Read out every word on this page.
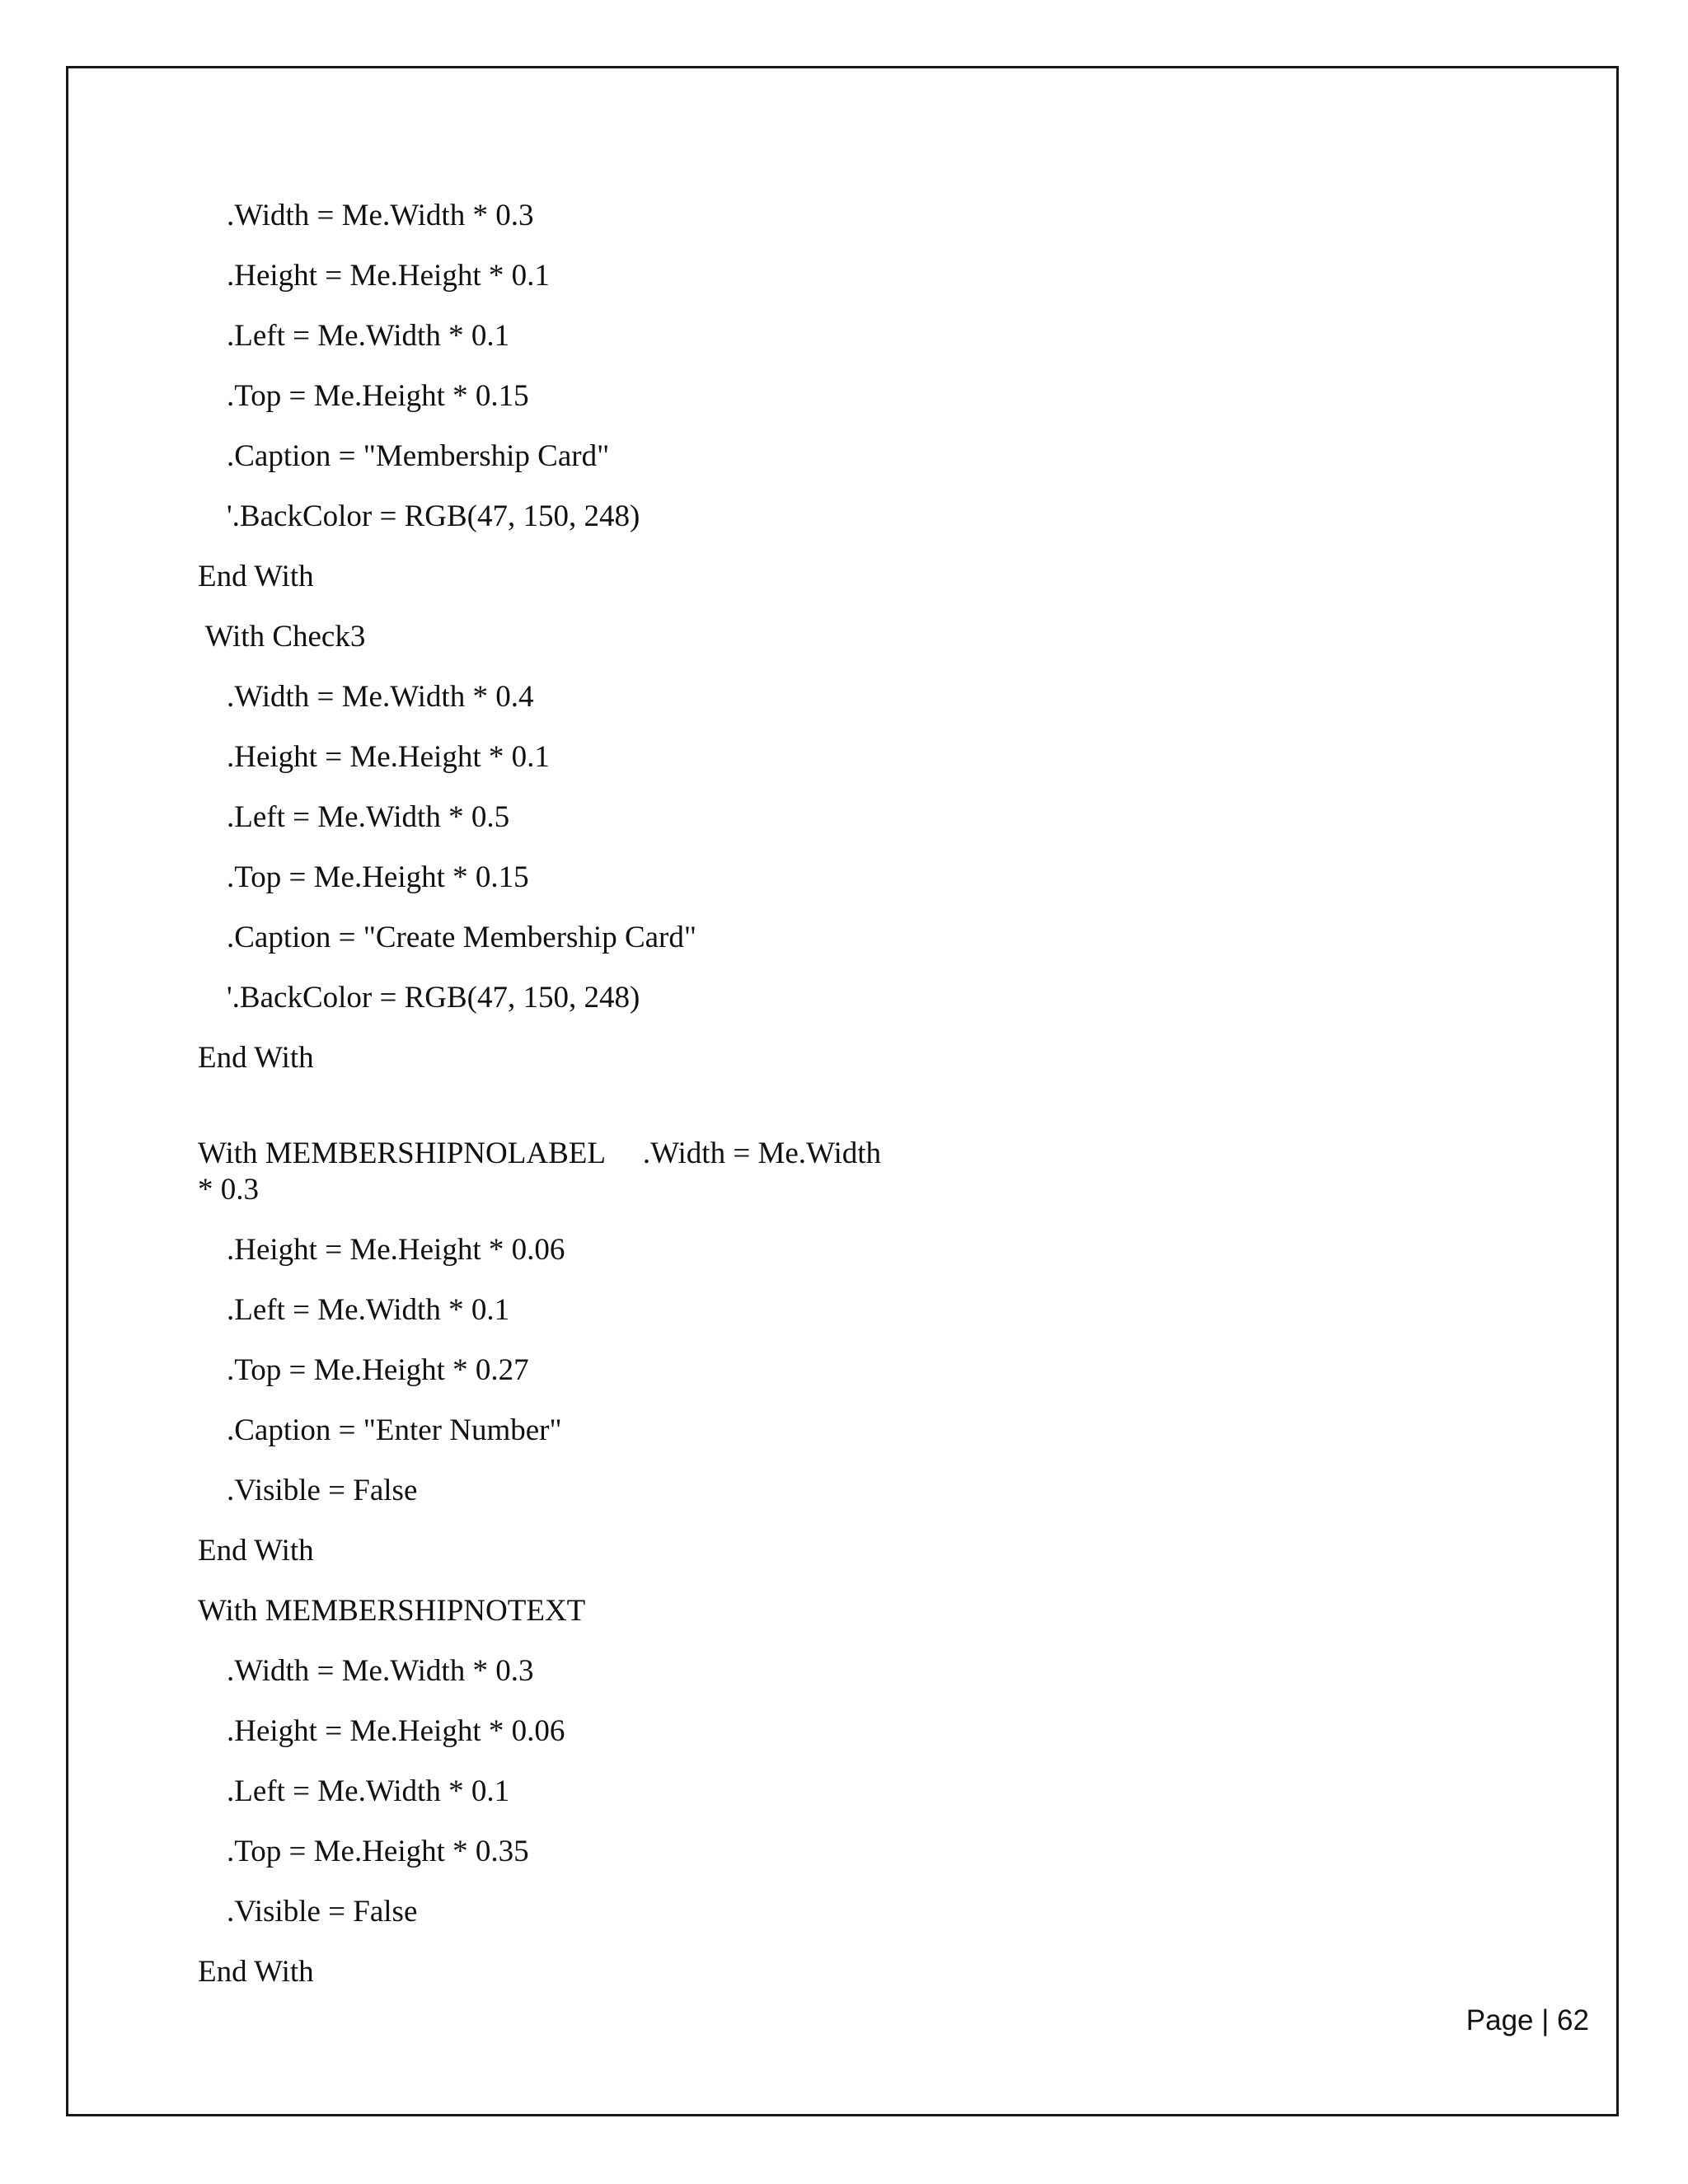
.Width = Me.Width * 0.3
.Height = Me.Height * 0.1
.Left = Me.Width * 0.1
.Top = Me.Height * 0.15
.Caption = "Membership Card"
'.BackColor = RGB(47, 150, 248)
End With
With Check3
.Width = Me.Width * 0.4
.Height = Me.Height * 0.1
.Left = Me.Width * 0.5
.Top = Me.Height * 0.15
.Caption = "Create Membership Card"
'.BackColor = RGB(47, 150, 248)
End With
With MEMBERSHIPNOLABEL     .Width = Me.Width
* 0.3
.Height = Me.Height * 0.06
.Left = Me.Width * 0.1
.Top = Me.Height * 0.27
.Caption = "Enter Number"
.Visible = False
End With
With MEMBERSHIPNOTEXT
.Width = Me.Width * 0.3
.Height = Me.Height * 0.06
.Left = Me.Width * 0.1
.Top = Me.Height * 0.35
.Visible = False
End With
Page | 62
